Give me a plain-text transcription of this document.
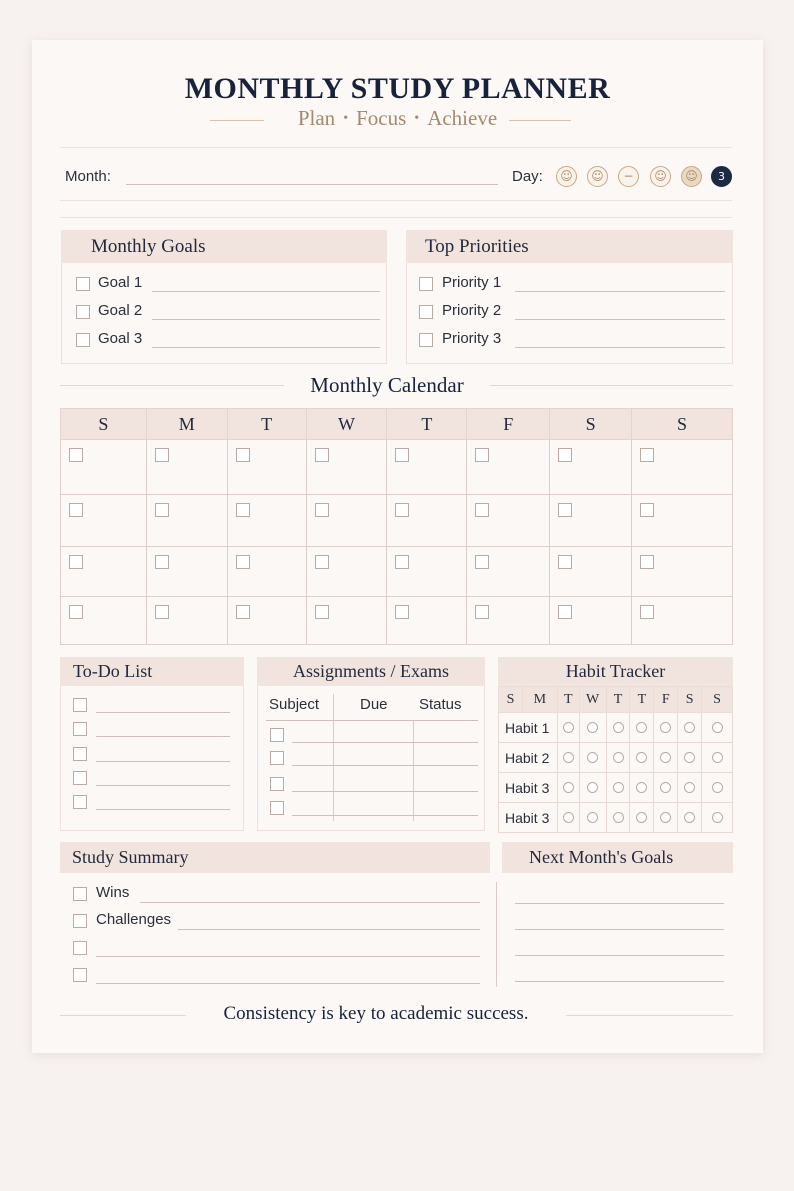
MONTHLY STUDY PLANNER
Plan • Focus • Achieve
Month:	Day:	☺	☺	−	☺	☺	3
Monthly Goals
Goal 1
Goal 2
Goal 3
Top Priorities
Priority 1
Priority 2
Priority 3
Monthly Calendar
S	M	T	W	T	F	S	S

To-Do List	Assignments / Exams
Subject	Due Status
Habit Tracker
S	M	T	W	T	T	F	S	S
Habit 1								
Habit 2								
Habit 3								
Habit 3								
Study Summary
Wins
Challenges
Next Month's Goals
Consistency is key to academic success.
